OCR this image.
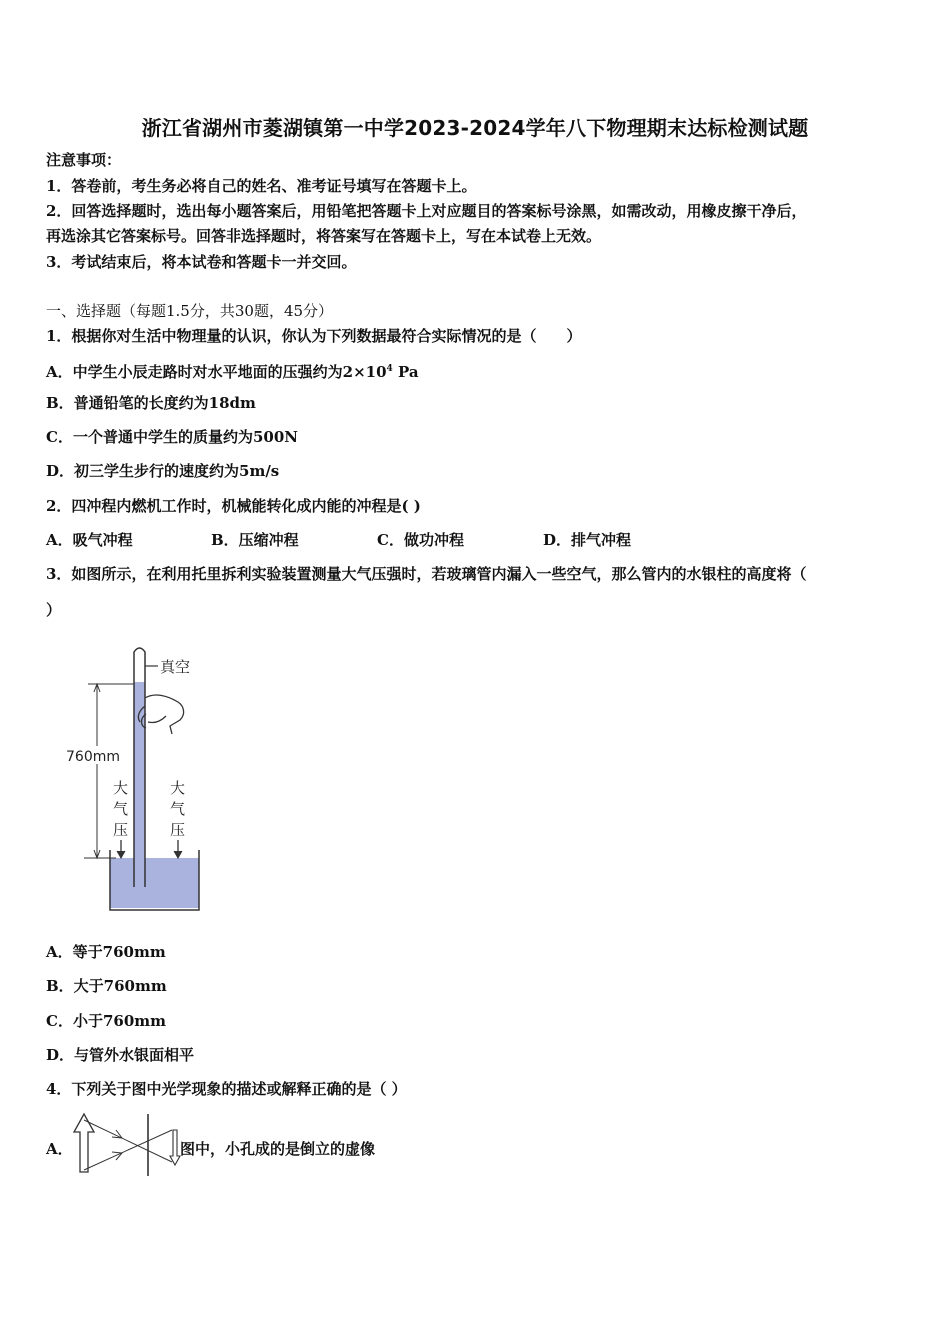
浙江省湖州市菱湖镇第一中学2023-2024学年八下物理期末达标检测试题
注意事项：
1．答卷前，考生务必将自己的姓名、准考证号填写在答题卡上。
2．回答选择题时，选出每小题答案后，用铅笔把答题卡上对应题目的答案标号涂黑，如需改动，用橡皮擦干净后，
再选涂其它答案标号。回答非选择题时，将答案写在答题卡上，写在本试卷上无效。
3．考试结束后，将本试卷和答题卡一并交回。
一、选择题（每题1.5分，共30题，45分）
1．根据你对生活中物理量的认识，你认为下列数据最符合实际情况的是（　　）
A．中学生小辰走路时对水平地面的压强约为$2\times 10^4$ Pa
B．普通铅笔的长度约为18dm
C．一个普通中学生的质量约为500N
D．初三学生步行的速度约为5m/s
2．四冲程内燃机工作时，机械能转化成内能的冲程是( )
A．吸气冲程	B．压缩冲程	C．做功冲程	D．排气冲程
3．如图所示，在利用托里拆利实验装置测量大气压强时，若玻璃管内漏入一些空气，那么管内的水银柱的高度将（
）
真空
760mm
大
气
压
大
气
压
A．等于760mm
B．大于760mm
C．小于760mm
D．与管外水银面相平
4．下列关于图中光学现象的描述或解释正确的是（ ）
A．	图中，小孔成的是倒立的虚像
